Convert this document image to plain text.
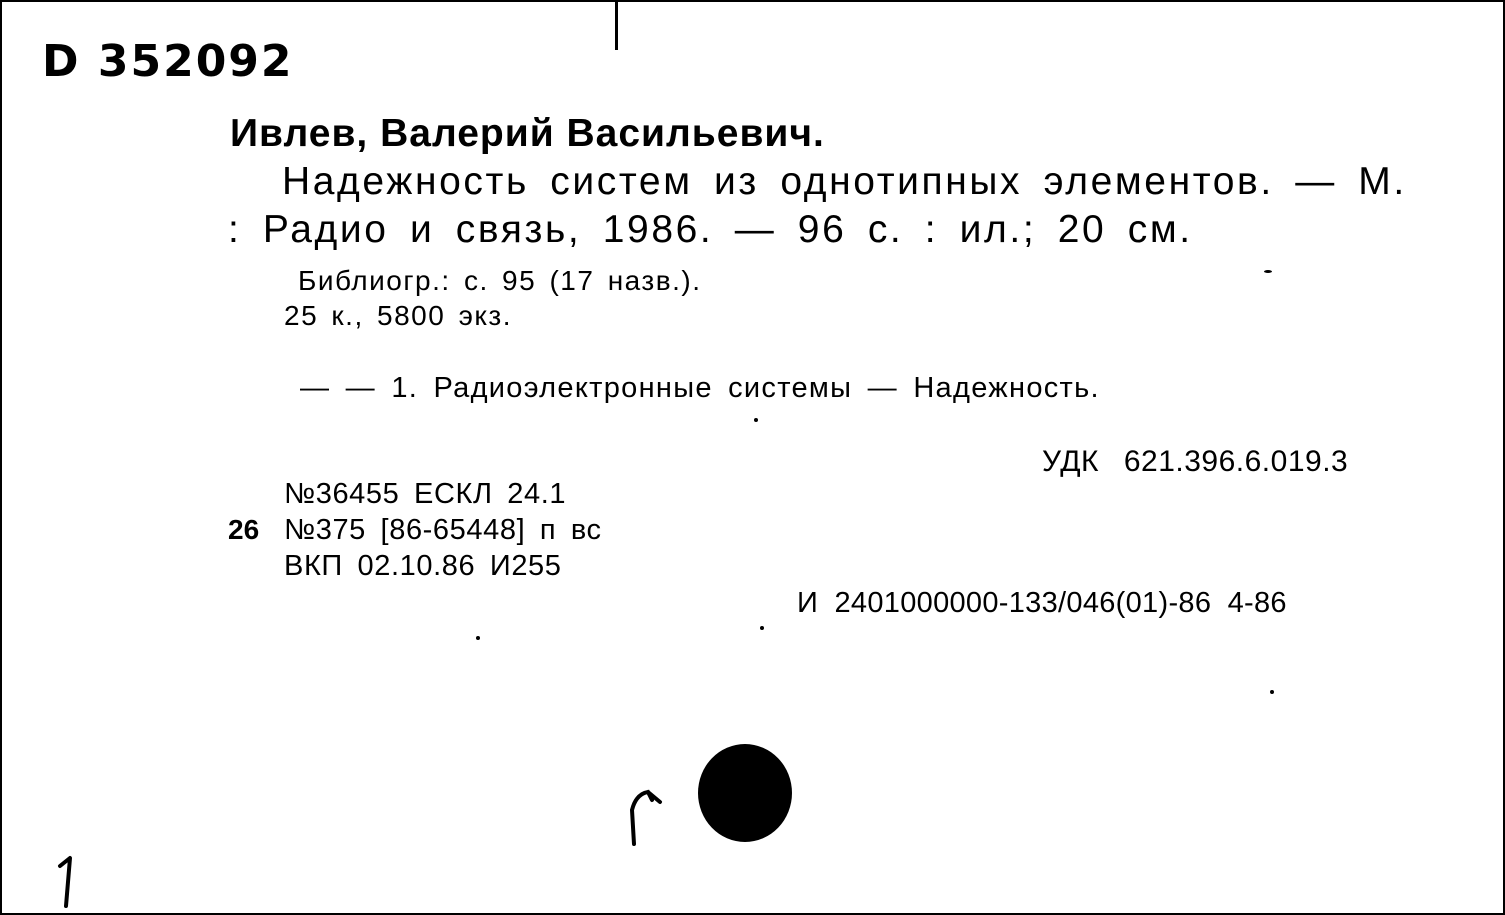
D 352092
Ивлев, Валерий Васильевич.
Надежность систем из однотипных элементов. — М.
: Радио и связь, 1986. — 96 с. : ил.; 20 см.
Библиогр.: с. 95 (17 назв.).
25 к., 5800 экз.
— — 1. Радиоэлектронные системы — Надежность.
УДК 621.396.6.019.3
№36455 ЕСКЛ 24.1
26 №375 [86-65448] п вс
ВКП 02.10.86 И255
И 2401000000-133/046(01)-86 4-86
